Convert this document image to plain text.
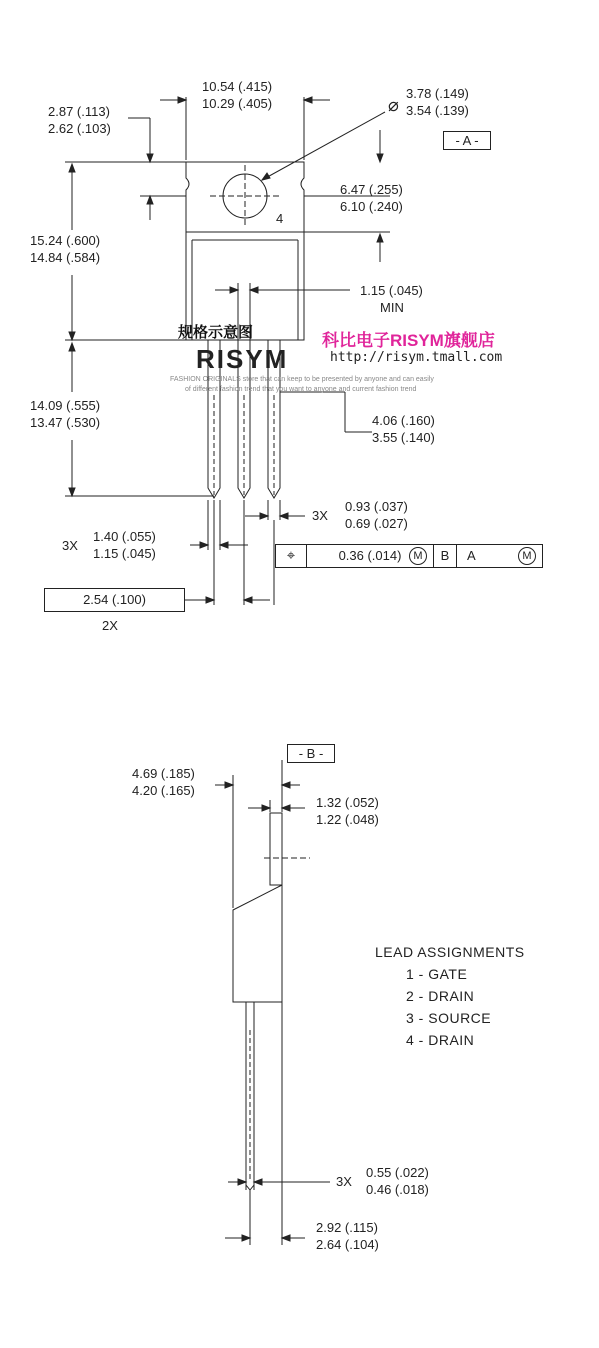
10.54 (.415)
10.29 (.405)
2.87 (.113)
2.62 (.103)
⌀
3.78 (.149)
3.54 (.139)
- A -
6.47 (.255)
6.10 (.240)
4
15.24 (.600)
14.84 (.584)
1.15 (.045)
MIN
14.09 (.555)
13.47 (.530)	4.06 (.160)
3.55 (.140)
3X
0.93 (.037)
0.69 (.027)
3X
1.40 (.055)
1.15 (.045)	⌖	0.36 (.014)	M	B	A	M
2.54 (.100)
2X
规格示意图	科比电子RISYM旗舰店
RISYM	http://risym.tmall.com
FASHION ORIGINALS store that can keep to be presented by anyone and can easily
of different fashion trend that you want to anyone and current fashion trend
- B -
4.69 (.185)
4.20 (.165)
1.32 (.052)
1.22 (.048)
3X
0.55 (.022)
0.46 (.018)
2.92 (.115)
2.64 (.104)
LEAD ASSIGNMENTS
1 - GATE
2 - DRAIN
3 - SOURCE
4 - DRAIN
